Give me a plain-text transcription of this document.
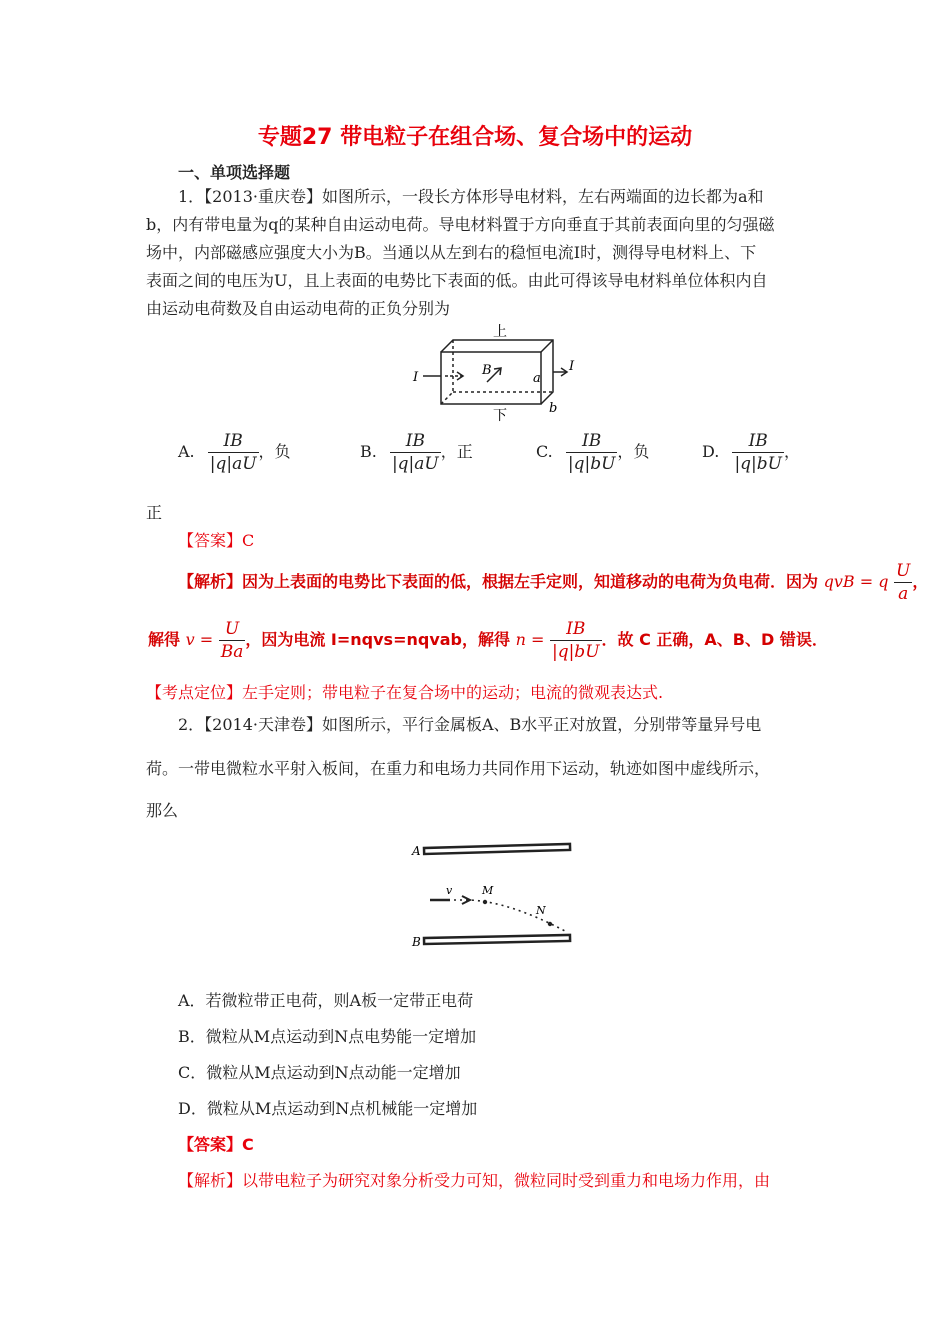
专题27 带电粒子在组合场、复合场中的运动
一、单项选择题
1．【2013·重庆卷】如图所示，一段长方体形导电材料，左右两端面的边长都为a和
b，内有带电量为q的某种自由运动电荷。导电材料置于方向垂直于其前表面向里的匀强磁
场中，内部磁感应强度大小为B。当通以从左到右的稳恒电流I时，测得导电材料上、下
表面之间的电压为U，且上表面的电势比下表面的低。由此可得该导电材料单位体积内自
由运动电荷数及自由运动电荷的正负分别为
上
下
I
I
B
a
b
A. $\frac{IB}{|q|aU}$ ，负	B. $\frac{IB}{|q|aU}$ ，正	C. $\frac{IB}{|q|bU}$ ，负	D. $\frac{IB}{|q|bU}$ ，
正
【答案】C
【解析】因为上表面的电势比下表面的低，根据左手定则，知道移动的电荷为负电荷．因为 qvB = q $\frac{U}{a}$ ，
解得 $v = \frac{U}{Ba}$ ，因为电流 I=nqvs=nqvab，解得 $n = \frac{IB}{|q|bU}$ ．故 C 正确，A、B、D 错误．
【考点定位】左手定则；带电粒子在复合场中的运动；电流的微观表达式.
2．【2014·天津卷】如图所示，平行金属板A、B水平正对放置，分别带等量异号电
荷。一带电微粒水平射入板间，在重力和电场力共同作用下运动，轨迹如图中虚线所示，
那么
A
B
v	M
N
A．若微粒带正电荷，则A板一定带正电荷
B．微粒从M点运动到N点电势能一定增加
C．微粒从M点运动到N点动能一定增加
D．微粒从M点运动到N点机械能一定增加
【答案】C
【解析】以带电粒子为研究对象分析受力可知，微粒同时受到重力和电场力作用，由
